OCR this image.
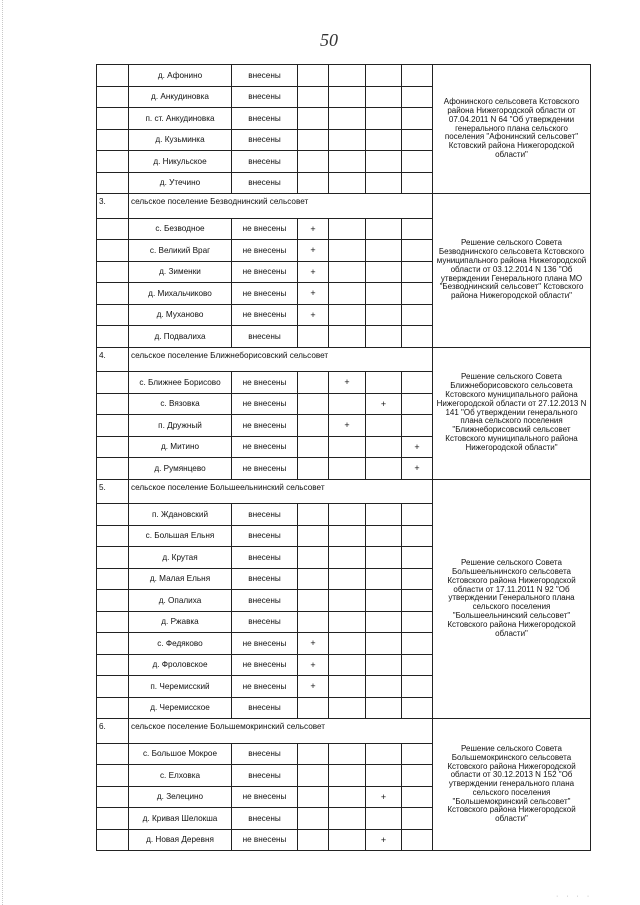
50
	д. Афонино	внесены					Афонинского сельсовета Кстовского района Нижегородской области от 07.04.2011 N 64 "Об утверждении генерального плана сельского поселения "Афонинский сельсовет" Кстовский района Нижегородской области"
	д. Анкудиновка	внесены					
	п. ст. Анкудиновка	внесены					
	д. Кузьминка	внесены					
	д. Никульское	внесены					
	д. Утечино	внесены					
3.	сельское поселение Безводнинский сельсовет						Решение сельского Совета Безводнинского сельсовета Кстовского муниципального района Нижегородской области от 03.12.2014 N 136 "Об утверждении Генерального плана МО "Безводнинский сельсовет" Кстовского района Нижегородской области"
	с. Безводное	не внесены	+				
	с. Великий Враг	не внесены	+				
	д. Зименки	не внесены	+				
	д. Михальчиково	не внесены	+				
	д. Муханово	не внесены	+				
	д. Подвалиха	внесены					
4.	сельское поселение Ближнеборисовский сельсовет						Решение сельского Совета Ближнеборисовского сельсовета Кстовского муниципального района Нижегородской области от 27.12.2013 N 141 "Об утверждении генерального плана сельского поселения "Ближнеборисовский сельсовет Кстовского муниципального района Нижегородской области"
	с. Ближнее Борисово	не внесены		+			
	с. Вязовка	не внесены			+		
	п. Дружный	не внесены		+			
	д. Митино	не внесены				+	
	д. Румянцево	не внесены				+	
5.	сельское поселение Большеельнинский сельсовет						Решение сельского Совета Большеельнинского сельсовета Кстовского района Нижегородской области от 17.11.2011 N 92 "Об утверждении Генерального плана сельского поселения "Большеельнинский сельсовет" Кстовского района Нижегородской области"
	п. Ждановский	внесены					
	с. Большая Ельня	внесены					
	д. Крутая	внесены					
	д. Малая Ельня	внесены					
	д. Опалиха	внесены					
	д. Ржавка	внесены					
	с. Федяково	не внесены	+				
	д. Фроловское	не внесены	+				
	п. Черемисский	не внесены	+				
	д. Черемисское	внесены					
6.	сельское поселение Большемокринский сельсовет						Решение сельского Совета Большемокринского сельсовета Кстовского района Нижегородской области от 30.12.2013 N 152 "Об утверждении генерального плана сельского поселения "Большемокринский сельсовет" Кстовского района Нижегородской области"
	с. Большое Мокрое	внесены					
	с. Елховка	внесены					
	д. Зелецино	не внесены			+		
	д. Кривая Шелокша	внесены					
	д. Новая Деревня	не внесены			+		
· · · ·
